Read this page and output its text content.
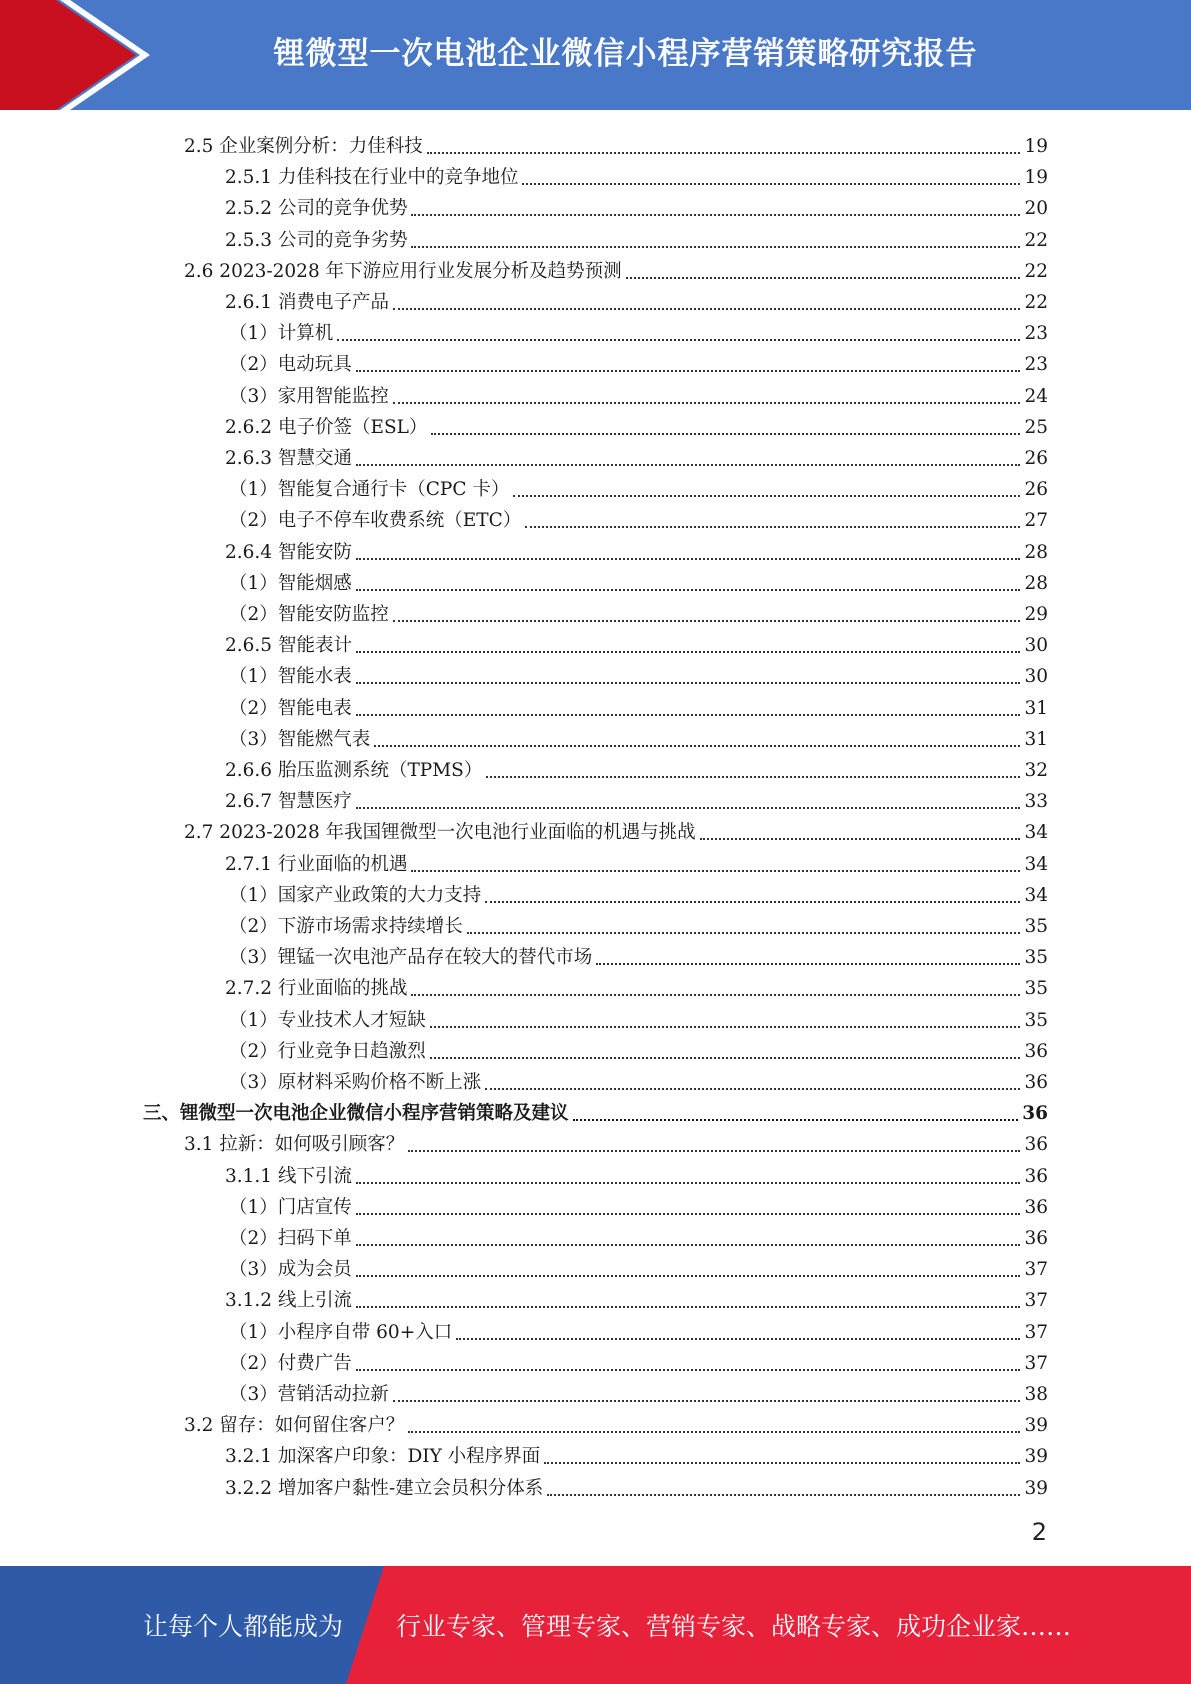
锂微型一次电池企业微信小程序营销策略研究报告
2.5 企业案例分析：力佳科技	19
2.5.1 力佳科技在行业中的竞争地位	19
2.5.2 公司的竞争优势	20
2.5.3 公司的竞争劣势	22
2.6 2023-2028 年下游应用行业发展分析及趋势预测	22
2.6.1 消费电子产品	22
（1）计算机	23
（2）电动玩具	23
（3）家用智能监控	24
2.6.2 电子价签（ESL）	25
2.6.3 智慧交通	26
（1）智能复合通行卡（CPC 卡）	26
（2）电子不停车收费系统（ETC）	27
2.6.4 智能安防	28
（1）智能烟感	28
（2）智能安防监控	29
2.6.5 智能表计	30
（1）智能水表	30
（2）智能电表	31
（3）智能燃气表	31
2.6.6 胎压监测系统（TPMS）	32
2.6.7 智慧医疗	33
2.7 2023-2028 年我国锂微型一次电池行业面临的机遇与挑战	34
2.7.1 行业面临的机遇	34
（1）国家产业政策的大力支持	34
（2）下游市场需求持续增长	35
（3）锂锰一次电池产品存在较大的替代市场	35
2.7.2 行业面临的挑战	35
（1）专业技术人才短缺	35
（2）行业竞争日趋激烈	36
（3）原材料采购价格不断上涨	36
三、锂微型一次电池企业微信小程序营销策略及建议	36
3.1 拉新：如何吸引顾客？	36
3.1.1 线下引流	36
（1）门店宣传	36
（2）扫码下单	36
（3）成为会员	37
3.1.2 线上引流	37
（1）小程序自带 60+入口	37
（2）付费广告	37
（3）营销活动拉新	38
3.2 留存：如何留住客户？	39
3.2.1 加深客户印象：DIY 小程序界面	39
3.2.2 增加客户黏性-建立会员积分体系	39
2
让每个人都能成为 行业专家、管理专家、营销专家、战略专家、成功企业家……
